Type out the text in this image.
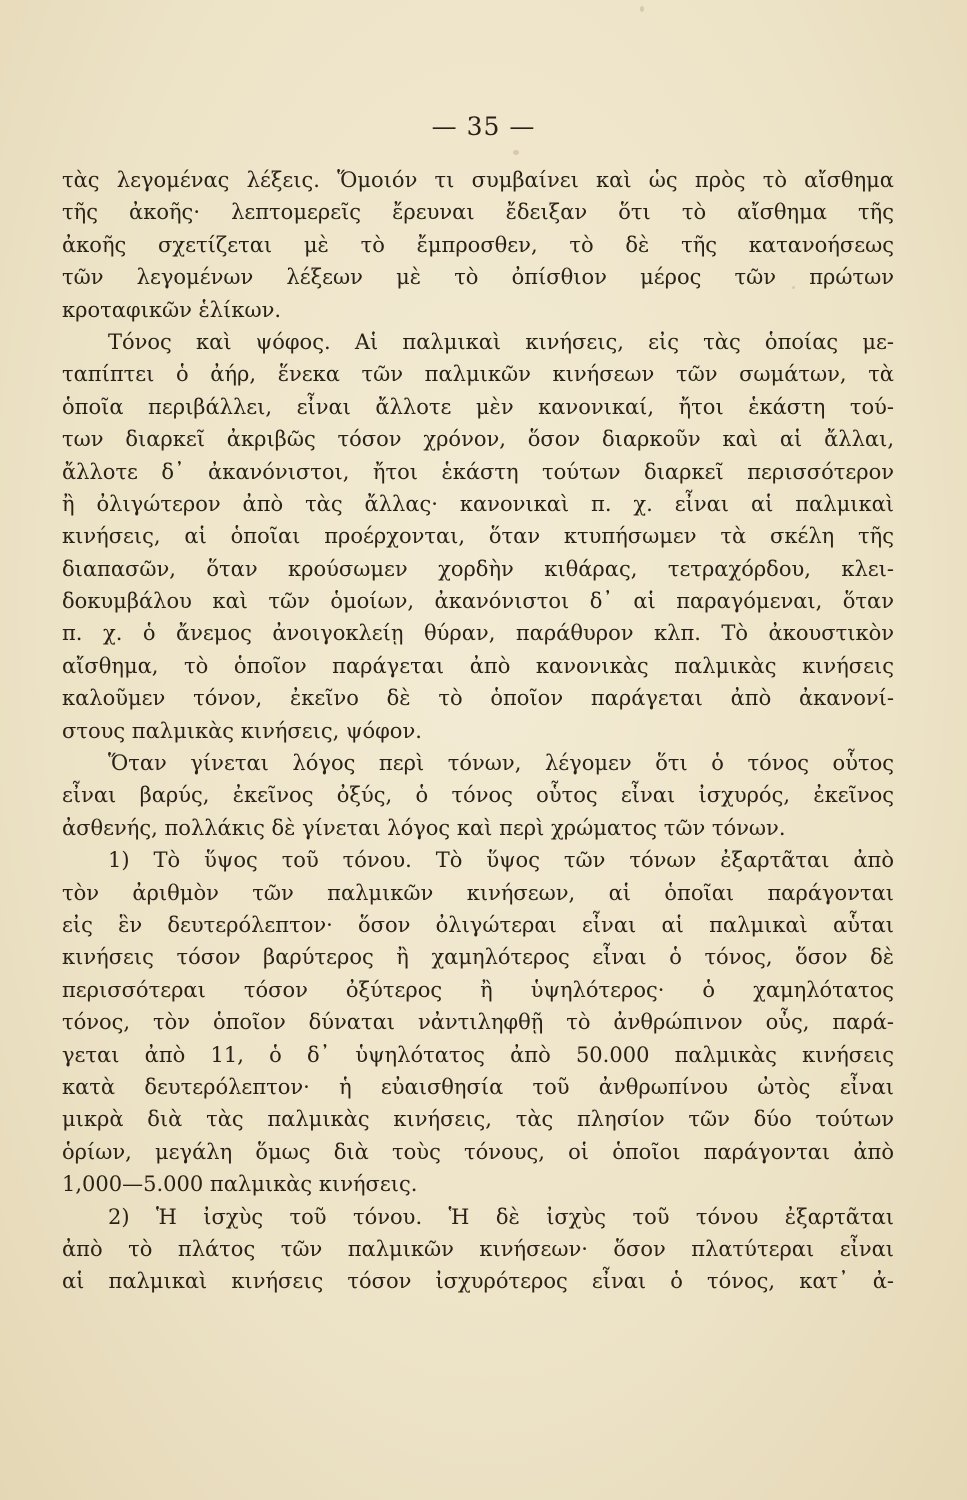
— 35 —
τὰς λεγομένας λέξεις. Ὅμοιόν τι συμβαίνει καὶ ὡς πρὸς τὸ αἴσθημα
τῆς ἀκοῆς· λεπτομερεῖς ἔρευναι ἔδειξαν ὅτι τὸ αἴσθημα τῆς
ἀκοῆς σχετίζεται μὲ τὸ ἔμπροσθεν, τὸ δὲ τῆς κατανοήσεως
τῶν λεγομένων λέξεων μὲ τὸ ὀπίσθιον μέρος τῶν πρώτων
κροταφικῶν ἑλίκων.
Τόνος καὶ ψόφος. Αἱ παλμικαὶ κινήσεις, εἰς τὰς ὁποίας με-
ταπίπτει ὁ ἀήρ, ἕνεκα τῶν παλμικῶν κινήσεων τῶν σωμάτων, τὰ
ὁποῖα περιβάλλει, εἶναι ἄλλοτε μὲν κανονικαί, ἤτοι ἑκάστη τού-
των διαρκεῖ ἀκριβῶς τόσον χρόνον, ὅσον διαρκοῦν καὶ αἱ ἄλλαι,
ἄλλοτε δ᾽ ἀκανόνιστοι, ἤτοι ἑκάστη τούτων διαρκεῖ περισσότερον
ἢ ὀλιγώτερον ἀπὸ τὰς ἄλλας· κανονικαὶ π. χ. εἶναι αἱ παλμικαὶ
κινήσεις, αἱ ὁποῖαι προέρχονται, ὅταν κτυπήσωμεν τὰ σκέλη τῆς
διαπασῶν, ὅταν κρούσωμεν χορδὴν κιθάρας, τετραχόρδου, κλει-
δοκυμβάλου καὶ τῶν ὁμοίων, ἀκανόνιστοι δ᾽ αἱ παραγόμεναι, ὅταν
π. χ. ὁ ἄνεμος ἀνοιγοκλείῃ θύραν, παράθυρον κλπ. Τὸ ἀκουστικὸν
αἴσθημα, τὸ ὁποῖον παράγεται ἀπὸ κανονικὰς παλμικὰς κινήσεις
καλοῦμεν τόνον, ἐκεῖνο δὲ τὸ ὁποῖον παράγεται ἀπὸ ἀκανονί-
στους παλμικὰς κινήσεις, ψόφον.
Ὅταν γίνεται λόγος περὶ τόνων, λέγομεν ὅτι ὁ τόνος οὗτος
εἶναι βαρύς, ἐκεῖνος ὀξύς, ὁ τόνος οὗτος εἶναι ἰσχυρός, ἐκεῖνος
ἀσθενής, πολλάκις δὲ γίνεται λόγος καὶ περὶ χρώματος τῶν τόνων.
1) Τὸ ὕψος τοῦ τόνου. Τὸ ὕψος τῶν τόνων ἐξαρτᾶται ἀπὸ
τὸν ἀριθμὸν τῶν παλμικῶν κινήσεων, αἱ ὁποῖαι παράγονται
εἰς ἓν δευτερόλεπτον· ὅσον ὀλιγώτεραι εἶναι αἱ παλμικαὶ αὗται
κινήσεις τόσον βαρύτερος ἢ χαμηλότερος εἶναι ὁ τόνος, ὅσον δὲ
περισσότεραι τόσον ὀξύτερος ἢ ὑψηλότερος· ὁ χαμηλότατος
τόνος, τὸν ὁποῖον δύναται νἀντιληφθῇ τὸ ἀνθρώπινον οὖς, παρά-
γεται ἀπὸ 11, ὁ δ᾽ ὑψηλότατος ἀπὸ 50.000 παλμικὰς κινήσεις
κατὰ δευτερόλεπτον· ἡ εὐαισθησία τοῦ ἀνθρωπίνου ὠτὸς εἶναι
μικρὰ διὰ τὰς παλμικὰς κινήσεις, τὰς πλησίον τῶν δύο τούτων
ὁρίων, μεγάλη ὅμως διὰ τοὺς τόνους, οἱ ὁποῖοι παράγονται ἀπὸ
1,000—5.000 παλμικὰς κινήσεις.
2) Ἡ ἰσχὺς τοῦ τόνου. Ἡ δὲ ἰσχὺς τοῦ τόνου ἐξαρτᾶται
ἀπὸ τὸ πλάτος τῶν παλμικῶν κινήσεων· ὅσον πλατύτεραι εἶναι
αἱ παλμικαὶ κινήσεις τόσον ἰσχυρότερος εἶναι ὁ τόνος, κατ᾽ ἀ-
